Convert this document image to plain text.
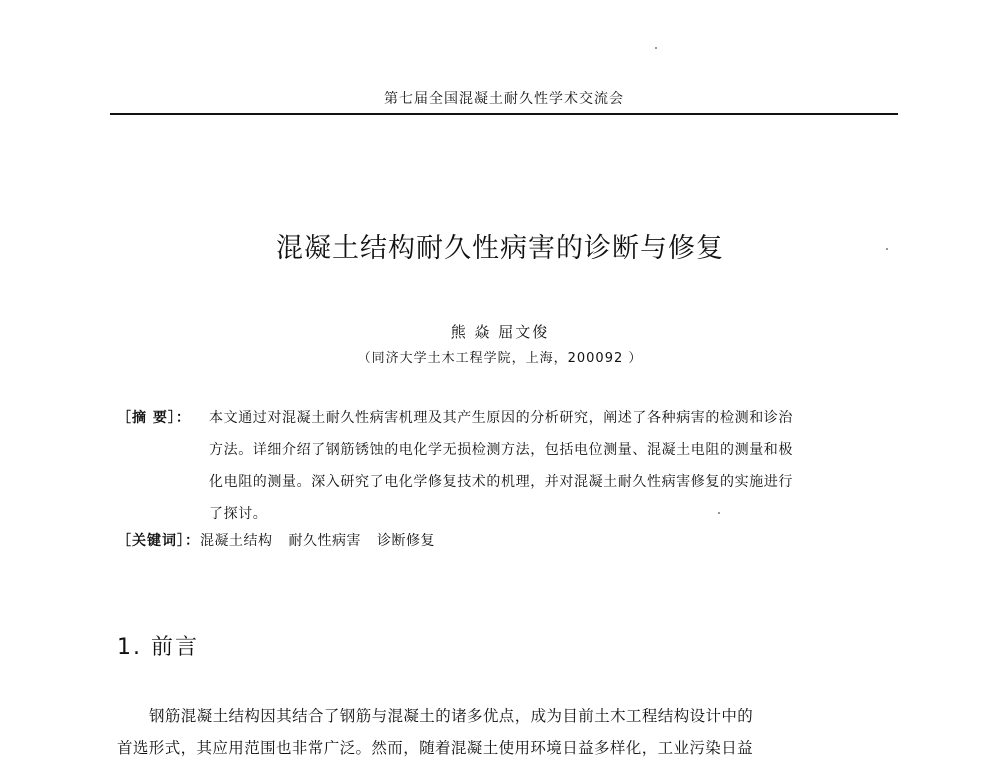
第七届全国混凝土耐久性学术交流会
混凝土结构耐久性病害的诊断与修复
熊 焱 屈文俊
（同济大学土木工程学院，上海，200092 ）
［摘 要］：	本文通过对混凝土耐久性病害机理及其产生原因的分析研究，阐述了各种病害的检测和诊治
方法。详细介绍了钢筋锈蚀的电化学无损检测方法，包括电位测量、混凝土电阻的测量和极
化电阻的测量。深入研究了电化学修复技术的机理，并对混凝土耐久性病害修复的实施进行
了探讨。
［关键词］：混凝土结构 耐久性病害 诊断修复
1. 前言
钢筋混凝土结构因其结合了钢筋与混凝土的诸多优点，成为目前土木工程结构设计中的
首选形式，其应用范围也非常广泛。然而，随着混凝土使用环境日益多样化，工业污染日益
